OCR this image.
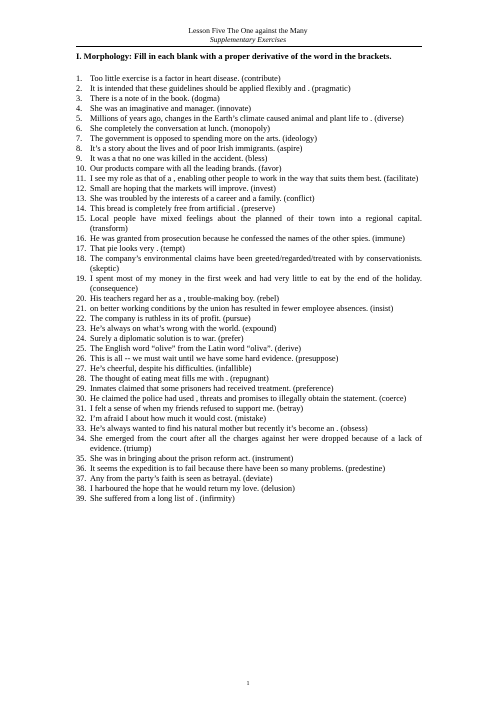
Lesson Five The One against the Many
Supplementary Exercises
I. Morphology: Fill in each blank with a proper derivative of the word in the brackets.
1. Too little exercise is a factor in heart disease. (contribute)
2. It is intended that these guidelines should be applied flexibly and . (pragmatic)
3. There is a note of in the book. (dogma)
4. She was an imaginative and manager. (innovate)
5. Millions of years ago, changes in the Earth’s climate caused animal and plant life to . (diverse)
6. She completely the conversation at lunch. (monopoly)
7. The government is opposed to spending more on the arts. (ideology)
8. It’s a story about the lives and of poor Irish immigrants. (aspire)
9. It was a that no one was killed in the accident. (bless)
10. Our products compare with all the leading brands. (favor)
11. I see my role as that of a , enabling other people to work in the way that suits them best. (facilitate)
12. Small are hoping that the markets will improve. (invest)
13. She was troubled by the interests of a career and a family. (conflict)
14. This bread is completely free from artificial . (preserve)
15. Local people have mixed feelings about the planned of their town into a regional capital. (transform)
16. He was granted from prosecution because he confessed the names of the other spies. (immune)
17. That pie looks very . (tempt)
18. The company’s environmental claims have been greeted/regarded/treated with by conservationists. (skeptic)
19. I spent most of my money in the first week and had very little to eat by the end of the holiday. (consequence)
20. His teachers regard her as a , trouble-making boy. (rebel)
21. on better working conditions by the union has resulted in fewer employee absences. (insist)
22. The company is ruthless in its of profit. (pursue)
23. He’s always on what’s wrong with the world. (expound)
24. Surely a diplomatic solution is to war. (prefer)
25. The English word “olive” from the Latin word “oliva”. (derive)
26. This is all -- we must wait until we have some hard evidence. (presuppose)
27. He’s cheerful, despite his difficulties. (infallible)
28. The thought of eating meat fills me with . (repugnant)
29. Inmates claimed that some prisoners had received treatment. (preference)
30. He claimed the police had used , threats and promises to illegally obtain the statement. (coerce)
31. I felt a sense of when my friends refused to support me. (betray)
32. I’m afraid I about how much it would cost. (mistake)
33. He’s always wanted to find his natural mother but recently it’s become an . (obsess)
34. She emerged from the court after all the charges against her were dropped because of a lack of evidence. (triump)
35. She was in bringing about the prison reform act. (instrument)
36. It seems the expedition is to fail because there have been so many problems. (predestine)
37. Any from the party’s faith is seen as betrayal. (deviate)
38. I harboured the hope that he would return my love. (delusion)
39. She suffered from a long list of . (infirmity)
1
